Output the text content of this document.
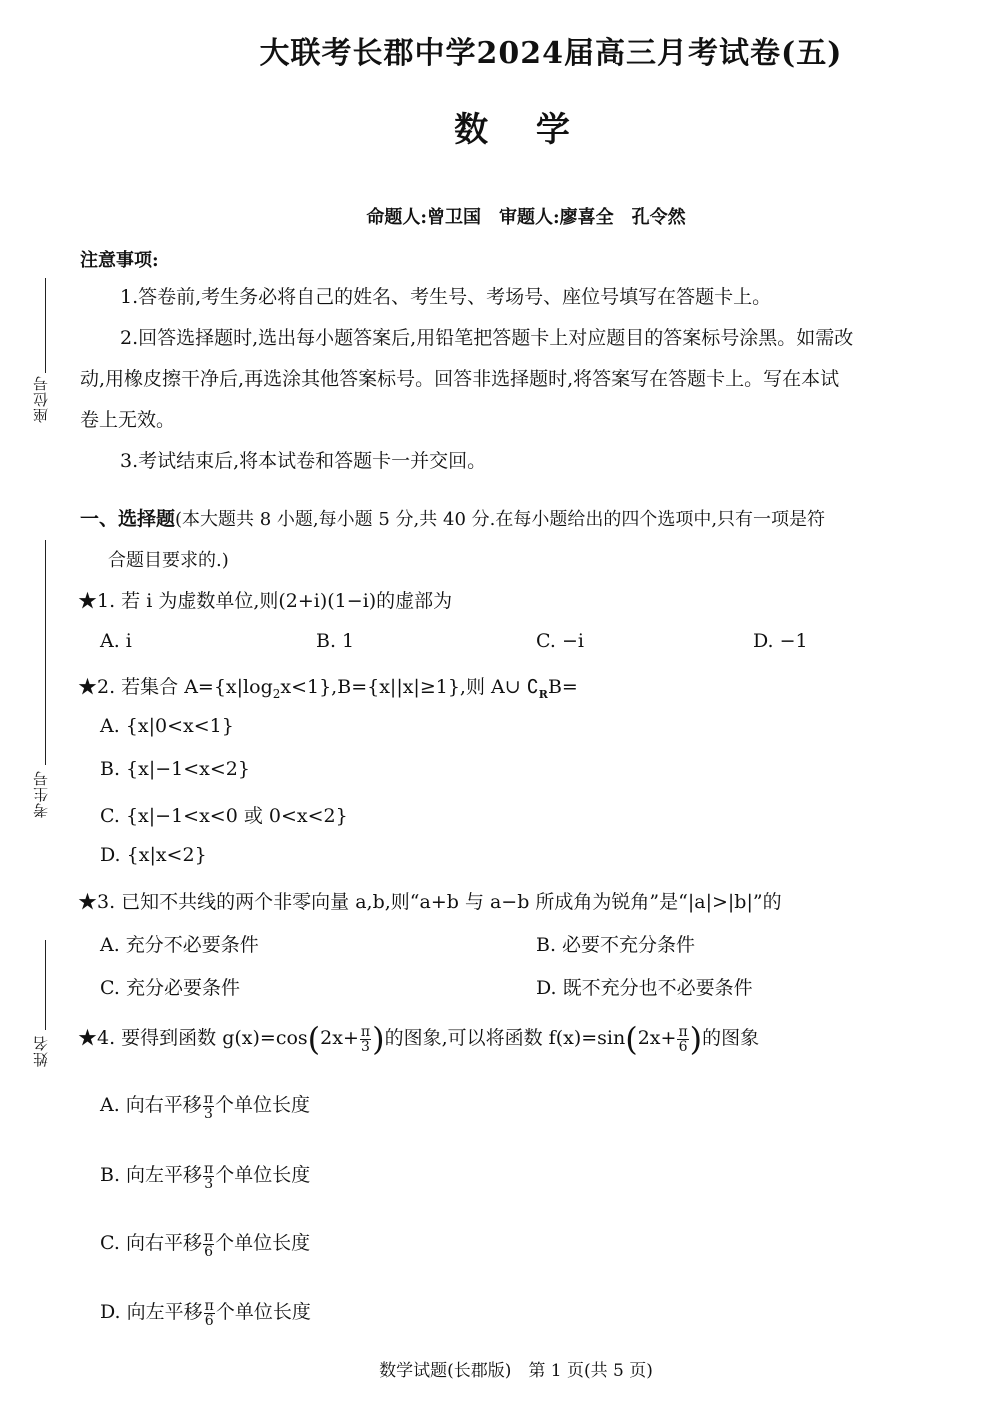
大联考长郡中学2024届高三月考试卷(五)
数 学
命题人:曾卫国　审题人:廖喜全　孔令然
座位号
考生号
姓名
注意事项:
1.答卷前,考生务必将自己的姓名、考生号、考场号、座位号填写在答题卡上。
2.回答选择题时,选出每小题答案后,用铅笔把答题卡上对应题目的答案标号涂黑。如需改
动,用橡皮擦干净后,再选涂其他答案标号。回答非选择题时,将答案写在答题卡上。写在本试
卷上无效。
3.考试结束后,将本试卷和答题卡一并交回。
一、选择题(本大题共 8 小题,每小题 5 分,共 40 分.在每小题给出的四个选项中,只有一项是符
合题目要求的.)
★1. 若 i 为虚数单位,则(2+i)(1−i)的虚部为
A. i	B. 1	C. −i	D. −1
★2. 若集合 $A=\{x|\log_2x<1\},B=\{x||x|\ge 1\}$,则 A∪ $∁_RB=$
A. {x|0<x<1}
B. {x|−1<x<2}
C. {x|−1<x<0 或 0<x<2}
D. {x|x<2}
★3. 已知不共线的两个非零向量 a,b,则“a+b 与 a−b 所成角为锐角”是“|a|>|b|”的
A. 充分不必要条件	B. 必要不充分条件
C. 充分必要条件	D. 既不充分也不必要条件
★4. 要得到函数 $g(x)=\cos(2x+ \frac{\pi}{3}$ )的图象,可以将函数 $f(x)=\sin(2x+ \frac{\pi}{6}$ )的图象
A. 向右平移 $\frac{\pi}{3}$ 个单位长度
B. 向左平移 $\frac{\pi}{3}$ 个单位长度
C. 向右平移 $\frac{\pi}{6}$ 个单位长度
D. 向左平移 $\frac{\pi}{6}$ 个单位长度
数学试题(长郡版)　第 1 页(共 5 页)
